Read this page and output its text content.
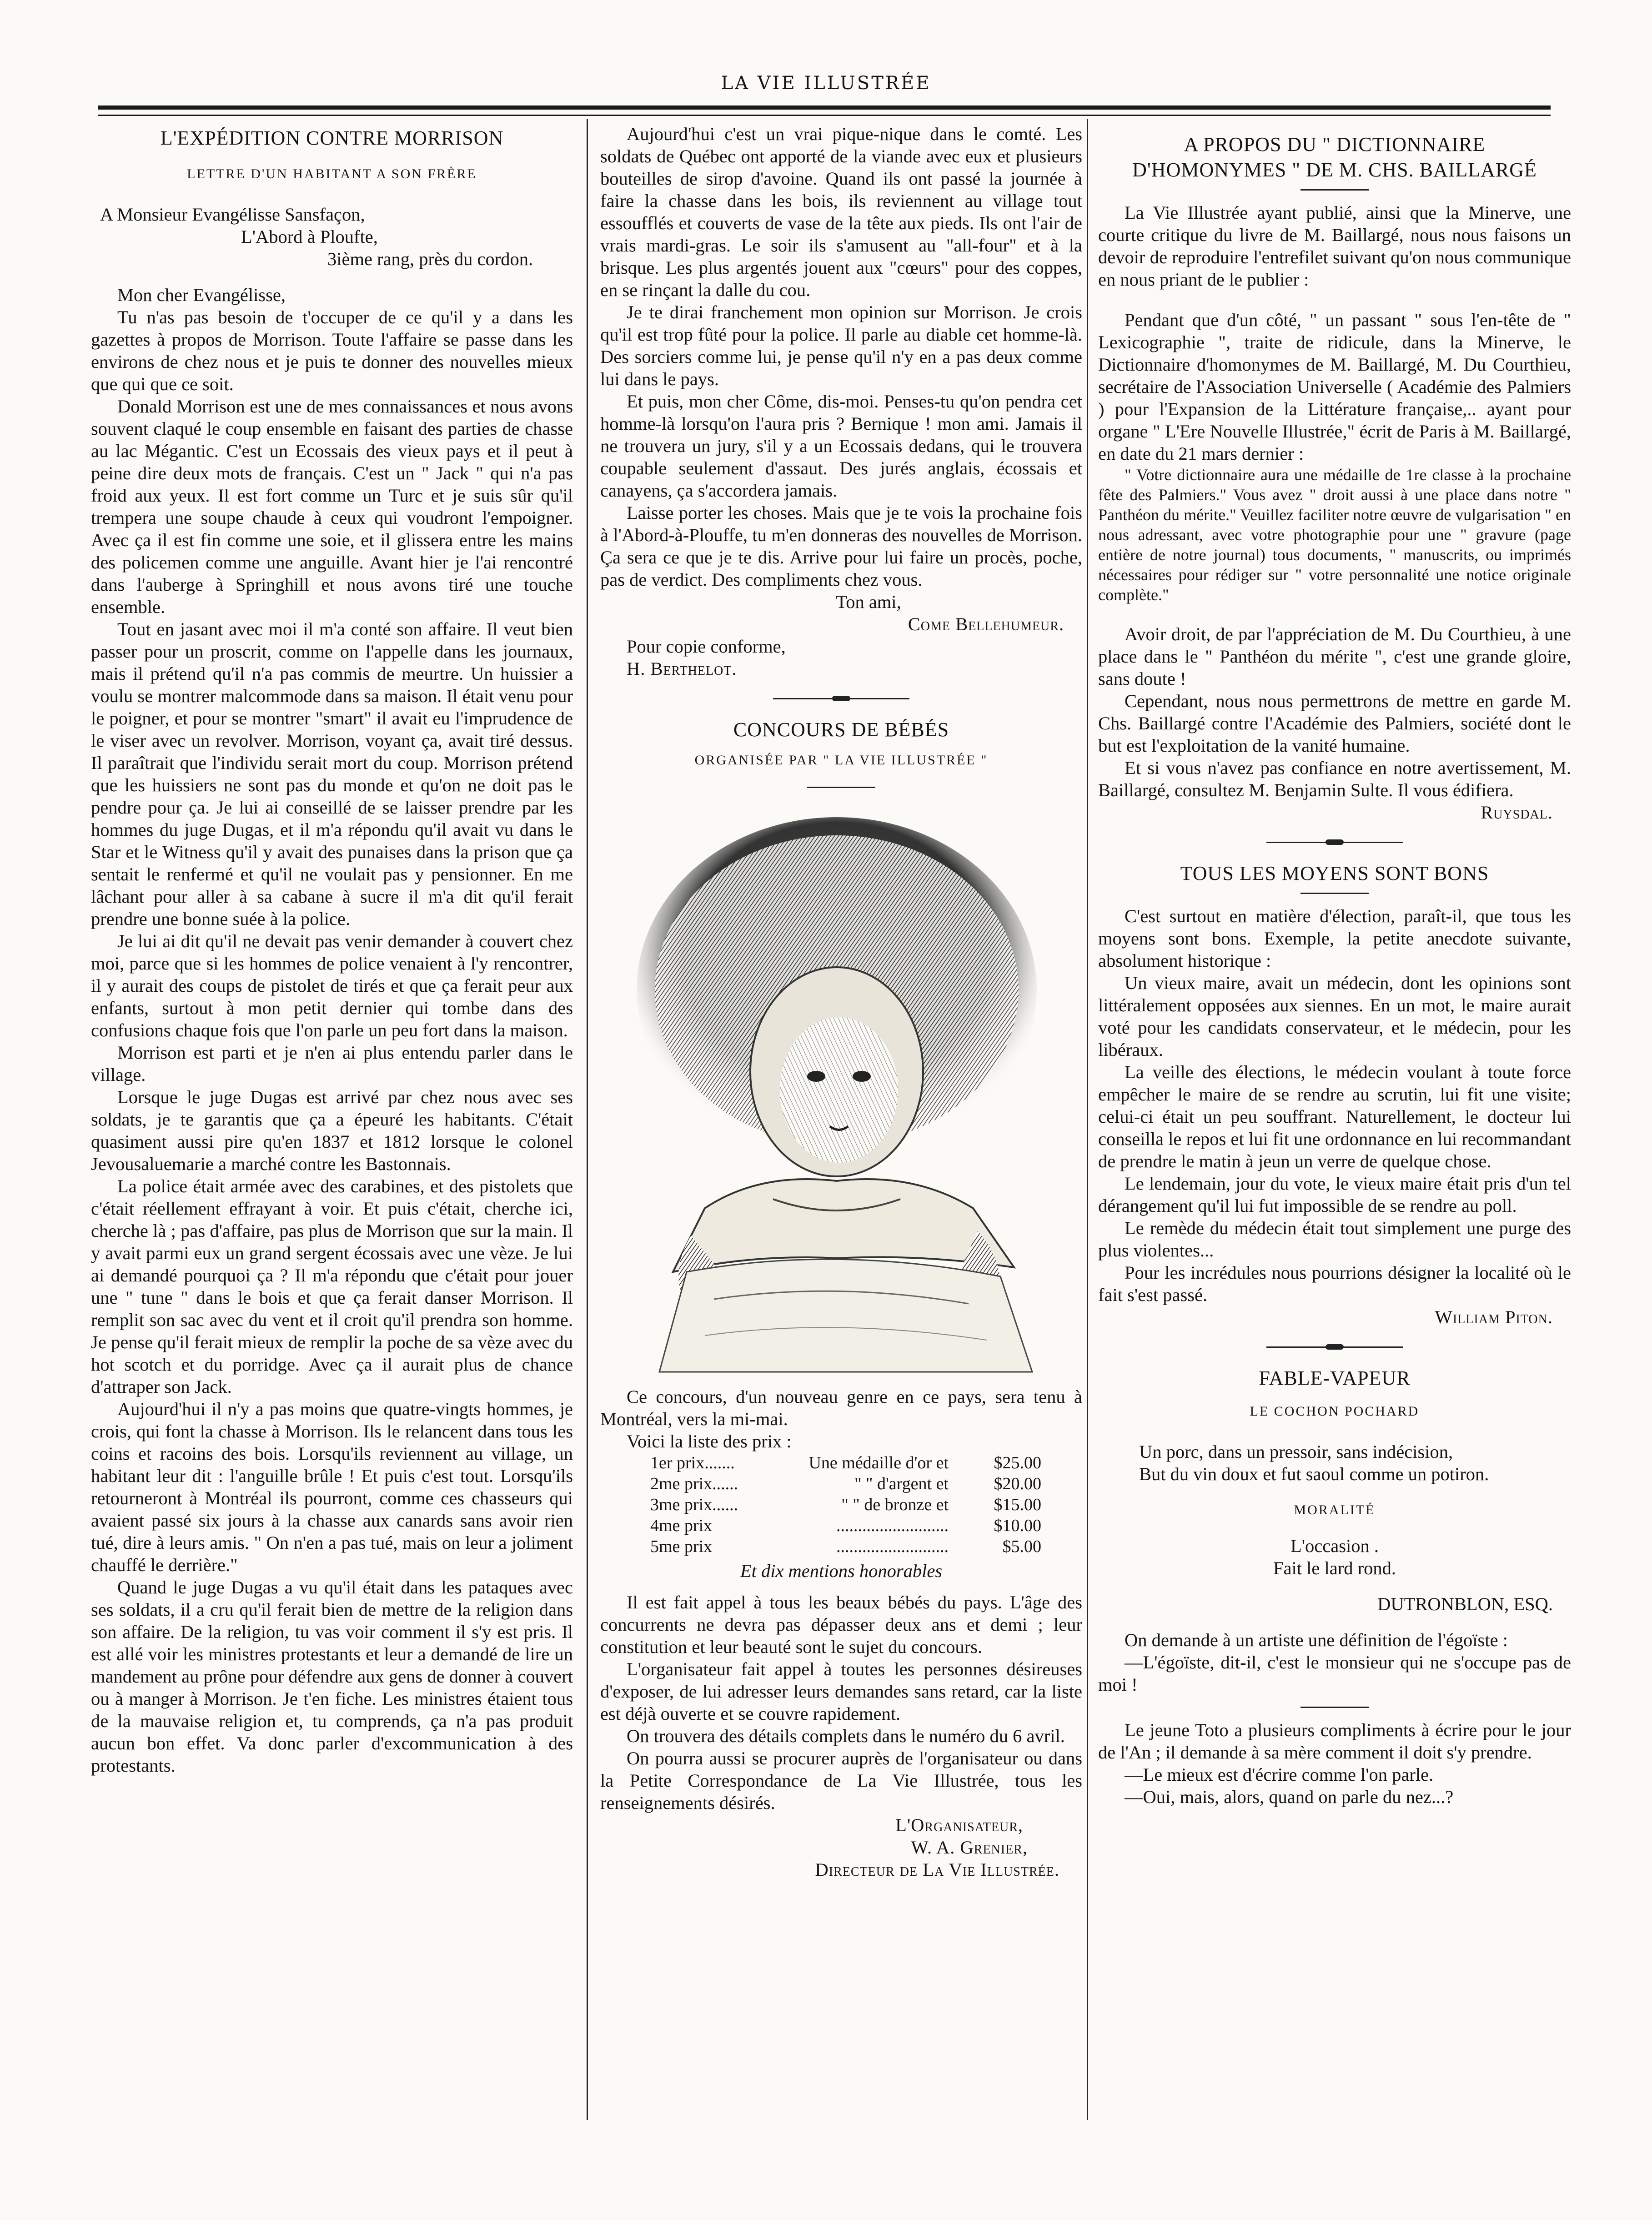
LA VIE ILLUSTRÉE
L'EXPÉDITION CONTRE MORRISON
LETTRE D'UN HABITANT A SON FRÈRE

A Monsieur Evangélisse Sansfaçon,

L'Abord à Ploufte,

3ième rang, près du cordon.

Mon cher Evangélisse,

Tu n'as pas besoin de t'occuper de ce qu'il y a dans les gazettes à propos de Morrison. Toute l'affaire se passe dans les environs de chez nous et je puis te donner des nouvelles mieux que qui que ce soit.

Donald Morrison est une de mes connaissances et nous avons souvent claqué le coup ensemble en faisant des parties de chasse au lac Mégantic. C'est un Ecossais des vieux pays et il peut à peine dire deux mots de français. C'est un " Jack " qui n'a pas froid aux yeux. Il est fort comme un Turc et je suis sûr qu'il trempera une soupe chaude à ceux qui voudront l'empoigner. Avec ça il est fin comme une soie, et il glissera entre les mains des policemen comme une anguille. Avant hier je l'ai rencontré dans l'auberge à Springhill et nous avons tiré une touche ensemble.

Tout en jasant avec moi il m'a conté son affaire. Il veut bien passer pour un proscrit, comme on l'appelle dans les journaux, mais il prétend qu'il n'a pas commis de meurtre. Un huissier a voulu se montrer malcommode dans sa maison. Il était venu pour le poigner, et pour se montrer "smart" il avait eu l'imprudence de le viser avec un revolver. Morrison, voyant ça, avait tiré dessus. Il paraîtrait que l'individu serait mort du coup. Morrison prétend que les huissiers ne sont pas du monde et qu'on ne doit pas le pendre pour ça. Je lui ai conseillé de se laisser prendre par les hommes du juge Dugas, et il m'a répondu qu'il avait vu dans le Star et le Witness qu'il y avait des punaises dans la prison que ça sentait le renfermé et qu'il ne voulait pas y pensionner. En me lâchant pour aller à sa cabane à sucre il m'a dit qu'il ferait prendre une bonne suée à la police.

Je lui ai dit qu'il ne devait pas venir demander à couvert chez moi, parce que si les hommes de police venaient à l'y rencontrer, il y aurait des coups de pistolet de tirés et que ça ferait peur aux enfants, surtout à mon petit dernier qui tombe dans des confusions chaque fois que l'on parle un peu fort dans la maison.

Morrison est parti et je n'en ai plus entendu parler dans le village.

Lorsque le juge Dugas est arrivé par chez nous avec ses soldats, je te garantis que ça a épeuré les habitants. C'était quasiment aussi pire qu'en 1837 et 1812 lorsque le colonel Jevousaluemarie a marché contre les Bastonnais.

La police était armée avec des carabines, et des pistolets que c'était réellement effrayant à voir. Et puis c'était, cherche ici, cherche là ; pas d'affaire, pas plus de Morrison que sur la main. Il y avait parmi eux un grand sergent écossais avec une vèze. Je lui ai demandé pourquoi ça ? Il m'a répondu que c'était pour jouer une " tune " dans le bois et que ça ferait danser Morrison. Il remplit son sac avec du vent et il croit qu'il prendra son homme. Je pense qu'il ferait mieux de remplir la poche de sa vèze avec du hot scotch et du porridge. Avec ça il aurait plus de chance d'attraper son Jack.

Aujourd'hui il n'y a pas moins que quatre-vingts hommes, je crois, qui font la chasse à Morrison. Ils le relancent dans tous les coins et racoins des bois. Lorsqu'ils reviennent au village, un habitant leur dit : l'anguille brûle ! Et puis c'est tout. Lorsqu'ils retourneront à Montréal ils pourront, comme ces chasseurs qui avaient passé six jours à la chasse aux canards sans avoir rien tué, dire à leurs amis. " On n'en a pas tué, mais on leur a joliment chauffé le derrière."

Quand le juge Dugas a vu qu'il était dans les pataques avec ses soldats, il a cru qu'il ferait bien de mettre de la religion dans son affaire. De la religion, tu vas voir comment il s'y est pris. Il est allé voir les ministres protestants et leur a demandé de lire un mandement au prône pour défendre aux gens de donner à couvert ou à manger à Morrison. Je t'en fiche. Les ministres étaient tous de la mauvaise religion et, tu comprends, ça n'a pas produit aucun bon effet. Va donc parler d'excommunication à des protestants.

Aujourd'hui c'est un vrai pique-nique dans le comté. Les soldats de Québec ont apporté de la viande avec eux et plusieurs bouteilles de sirop d'avoine. Quand ils ont passé la journée à faire la chasse dans les bois, ils reviennent au village tout essoufflés et couverts de vase de la tête aux pieds. Ils ont l'air de vrais mardi-gras. Le soir ils s'amusent au "all-four" et à la brisque. Les plus argentés jouent aux "cœurs" pour des coppes, en se rinçant la dalle du cou.

Je te dirai franchement mon opinion sur Morrison. Je crois qu'il est trop fûté pour la police. Il parle au diable cet homme-là. Des sorciers comme lui, je pense qu'il n'y en a pas deux comme lui dans le pays.

Et puis, mon cher Côme, dis-moi. Penses-tu qu'on pendra cet homme-là lorsqu'on l'aura pris ? Bernique ! mon ami. Jamais il ne trouvera un jury, s'il y a un Ecossais dedans, qui le trouvera coupable seulement d'assaut. Des jurés anglais, écossais et canayens, ça s'accordera jamais.

Laisse porter les choses. Mais que je te vois la prochaine fois à l'Abord-à-Plouffe, tu m'en donneras des nouvelles de Morrison. Ça sera ce que je te dis. Arrive pour lui faire un procès, poche, pas de verdict. Des compliments chez vous.

Ton ami,

Come Bellehumeur.

Pour copie conforme,

H. Berthelot.

CONCOURS DE BÉBÉS
ORGANISÉE PAR " LA VIE ILLUSTRÉE "

Ce concours, d'un nouveau genre en ce pays, sera tenu à Montréal, vers la mi-mai.

Voici la liste des prix :

1er prix.......	Une médaille d'or et	$25.00
2me prix......	" " d'argent et	$20.00
3me prix......	" " de bronze et	$15.00
4me prix	..........................	$10.00
5me prix	..........................	$5.00

Et dix mentions honorables

Il est fait appel à tous les beaux bébés du pays. L'âge des concurrents ne devra pas dépasser deux ans et demi ; leur constitution et leur beauté sont le sujet du concours.

L'organisateur fait appel à toutes les personnes désireuses d'exposer, de lui adresser leurs demandes sans retard, car la liste est déjà ouverte et se couvre rapidement.

On trouvera des détails complets dans le numéro du 6 avril.

On pourra aussi se procurer auprès de l'organisateur ou dans la Petite Correspondance de La Vie Illustrée, tous les renseignements désirés.

L'Organisateur,

W. A. Grenier,

Directeur de La Vie Illustrée.

A PROPOS DU " DICTIONNAIRE D'HOMONYMES " DE M. CHS. BAILLARGÉ

La Vie Illustrée ayant publié, ainsi que la Minerve, une courte critique du livre de M. Baillargé, nous nous faisons un devoir de reproduire l'entrefilet suivant qu'on nous communique en nous priant de le publier :

Pendant que d'un côté, " un passant " sous l'en-tête de " Lexicographie ", traite de ridicule, dans la Minerve, le Dictionnaire d'homonymes de M. Baillargé, M. Du Courthieu, secrétaire de l'Association Universelle ( Académie des Palmiers ) pour l'Expansion de la Littérature française,.. ayant pour organe " L'Ere Nouvelle Illustrée," écrit de Paris à M. Baillargé, en date du 21 mars dernier :

" Votre dictionnaire aura une médaille de 1re classe à la prochaine fête des Palmiers." Vous avez " droit aussi à une place dans notre " Panthéon du mérite." Veuillez faciliter notre œuvre de vulgarisation " en nous adressant, avec votre photographie pour une " gravure (page entière de notre journal) tous documents, " manuscrits, ou imprimés nécessaires pour rédiger sur " votre personnalité une notice originale complète."

Avoir droit, de par l'appréciation de M. Du Courthieu, à une place dans le " Panthéon du mérite ", c'est une grande gloire, sans doute !

Cependant, nous nous permettrons de mettre en garde M. Chs. Baillargé contre l'Académie des Palmiers, société dont le but est l'exploitation de la vanité humaine.

Et si vous n'avez pas confiance en notre avertissement, M. Baillargé, consultez M. Benjamin Sulte. Il vous édifiera.

Ruysdal.

TOUS LES MOYENS SONT BONS

C'est surtout en matière d'élection, paraît-il, que tous les moyens sont bons. Exemple, la petite anecdote suivante, absolument historique :

Un vieux maire, avait un médecin, dont les opinions sont littéralement opposées aux siennes. En un mot, le maire aurait voté pour les candidats conservateur, et le médecin, pour les libéraux.

La veille des élections, le médecin voulant à toute force empêcher le maire de se rendre au scrutin, lui fit une visite; celui-ci était un peu souffrant. Naturellement, le docteur lui conseilla le repos et lui fit une ordonnance en lui recommandant de prendre le matin à jeun un verre de quelque chose.

Le lendemain, jour du vote, le vieux maire était pris d'un tel dérangement qu'il lui fut impossible de se rendre au poll.

Le remède du médecin était tout simplement une purge des plus violentes...

Pour les incrédules nous pourrions désigner la localité où le fait s'est passé.

William Piton.

FABLE-VAPEUR
LE COCHON POCHARD

Un porc, dans un pressoir, sans indécision,

But du vin doux et fut saoul comme un potiron.

MORALITÉ

L'occasion .

Fait le lard rond.

DUTRONBLON, ESQ.

On demande à un artiste une définition de l'égoïste :

—L'égoïste, dit-il, c'est le monsieur qui ne s'occupe pas de moi !

Le jeune Toto a plusieurs compliments à écrire pour le jour de l'An ; il demande à sa mère comment il doit s'y prendre.

—Le mieux est d'écrire comme l'on parle.

—Oui, mais, alors, quand on parle du nez...?
